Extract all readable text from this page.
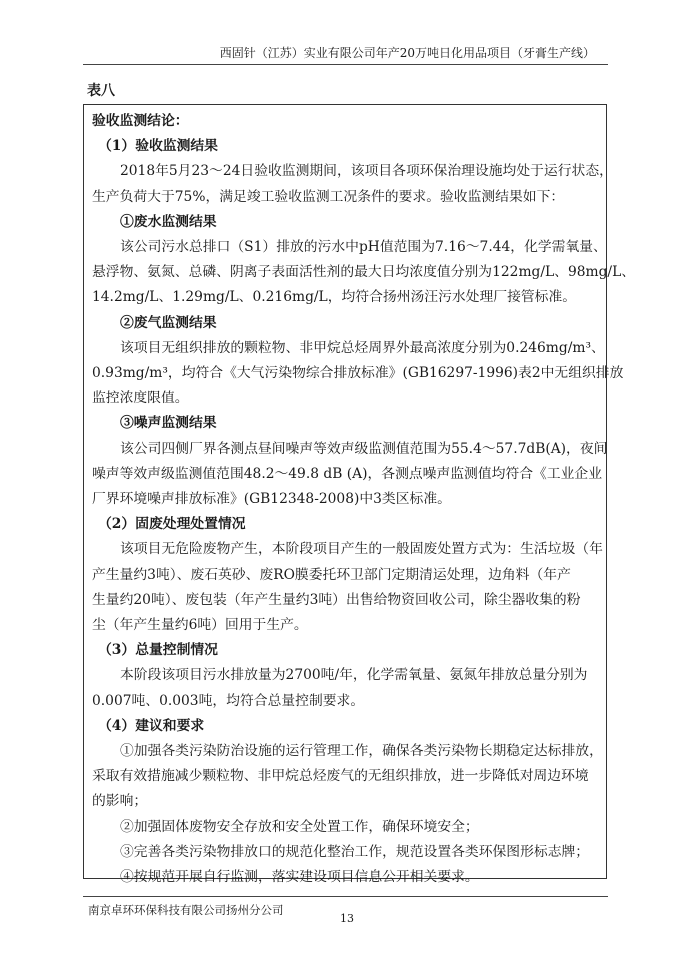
西固针（江苏）实业有限公司年产20万吨日化用品项目（牙膏生产线）
表八
验收监测结论：
（1）验收监测结果
2018年5月23～24日验收监测期间，该项目各项环保治理设施均处于运行状态，
生产负荷大于75%，满足竣工验收监测工况条件的要求。验收监测结果如下：
①废水监测结果
该公司污水总排口（S1）排放的污水中pH值范围为7.16～7.44，化学需氧量、
悬浮物、氨氮、总磷、阴离子表面活性剂的最大日均浓度值分别为122mg/L、98mg/L、
14.2mg/L、1.29mg/L、0.216mg/L，均符合扬州汤汪污水处理厂接管标准。
②废气监测结果
该项目无组织排放的颗粒物、非甲烷总烃周界外最高浓度分别为0.246mg/m³、
0.93mg/m³，均符合《大气污染物综合排放标准》(GB16297-1996)表2中无组织排放
监控浓度限值。
③噪声监测结果
该公司四侧厂界各测点昼间噪声等效声级监测值范围为55.4～57.7dB(A)，夜间
噪声等效声级监测值范围48.2～49.8 dB (A)，各测点噪声监测值均符合《工业企业
厂界环境噪声排放标准》(GB12348-2008)中3类区标准。
（2）固废处理处置情况
该项目无危险废物产生，本阶段项目产生的一般固废处置方式为：生活垃圾（年
产生量约3吨）、废石英砂、废RO膜委托环卫部门定期清运处理，边角料（年产
生量约20吨）、废包装（年产生量约3吨）出售给物资回收公司，除尘器收集的粉
尘（年产生量约6吨）回用于生产。
（3）总量控制情况
本阶段该项目污水排放量为2700吨/年，化学需氧量、氨氮年排放总量分别为
0.007吨、0.003吨，均符合总量控制要求。
（4）建议和要求
①加强各类污染防治设施的运行管理工作，确保各类污染物长期稳定达标排放，
采取有效措施减少颗粒物、非甲烷总烃废气的无组织排放，进一步降低对周边环境
的影响；
②加强固体废物安全存放和安全处置工作，确保环境安全；
③完善各类污染物排放口的规范化整治工作，规范设置各类环保图形标志牌；
④按规范开展自行监测，落实建设项目信息公开相关要求。
南京卓环环保科技有限公司扬州分公司
13
